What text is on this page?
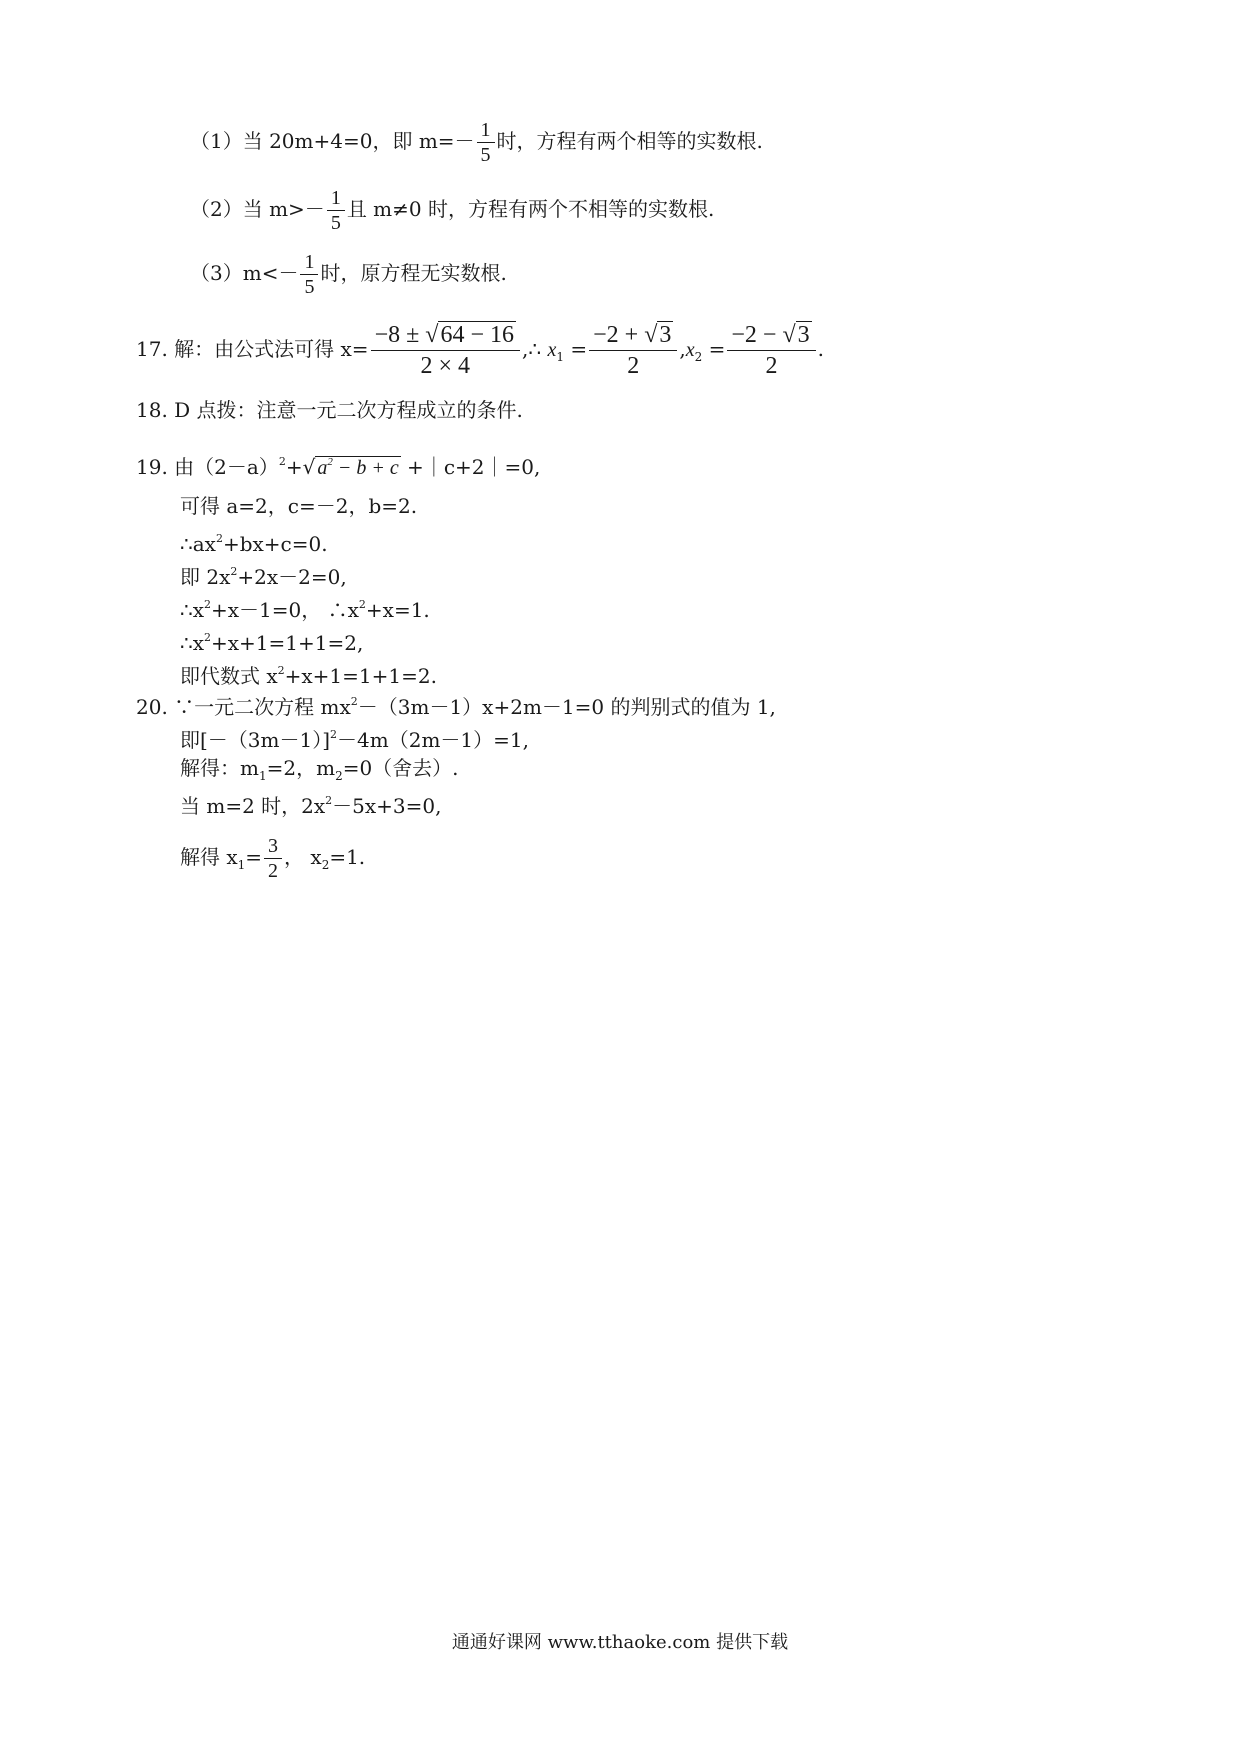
（1）当 20m+4=0，即 $m=- \frac{1}{5}$ 时，方程有两个相等的实数根.
（2）当 $m>- \frac{1}{5}$ 且 m≠0 时，方程有两个不相等的实数根.
$(3)m<- \frac{1}{5}$ 时，原方程无实数根.
17. 解：由公式法可得 $x= \frac{-8 \pm √64 - 16}{2 \times 4}$ ,∴ $x_1 = \frac{-2 + √3}{2} ,x_2 = \frac{-2 - √3}{2}$ .
18. D 点拨：注意一元二次方程成立的条件.
19. 由$(2-a)^2+√$ $a^2 - b + c$ +｜c+2｜=0,
可得 a=2，c=－2，b=2.
$\therefore ax^2+bx+c=0$.
即 $2x^2+2x-2=0$,
$\therefore x^2+x-1=0$， $\therefore x^2+x=1$.
$\therefore x^2+x+1=1+1=2$,
即代数式 $x^2+x+1=1+1=2$.
20. ∵一元二次方程 $mx^2-(3m-1)x+2m-1=0$ 的判别式的值为 1,
即$[-(3m-1)]^2-4m(2m-1)=1$,
解得：$m_1=2$，$m_2=0$（舍去）.
当 m=2 时，$2x^2-5x+3=0$,
解得 $x_1= \frac{3}{2}$ ， $x_2=1$.
通通好课网 www.tthaoke.com 提供下载
